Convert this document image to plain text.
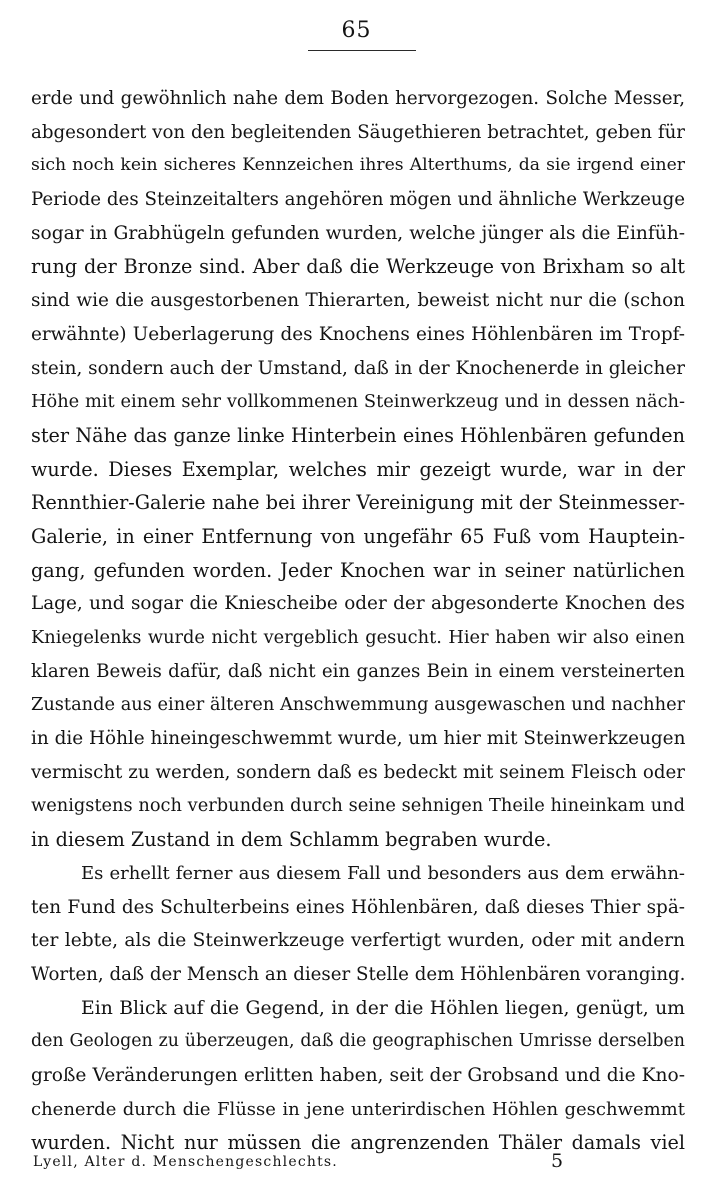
65
erde und gewöhnlich nahe dem Boden hervorgezogen. Solche Messer,
abgesondert von den begleitenden Säugethieren betrachtet, geben für
sich noch kein sicheres Kennzeichen ihres Alterthums, da sie irgend einer
Periode des Steinzeitalters angehören mögen und ähnliche Werkzeuge
sogar in Grabhügeln gefunden wurden, welche jünger als die Einfüh-
rung der Bronze sind. Aber daß die Werkzeuge von Brixham so alt
sind wie die ausgestorbenen Thierarten, beweist nicht nur die (schon
erwähnte) Ueberlagerung des Knochens eines Höhlenbären im Tropf-
stein, sondern auch der Umstand, daß in der Knochenerde in gleicher
Höhe mit einem sehr vollkommenen Steinwerkzeug und in dessen näch-
ster Nähe das ganze linke Hinterbein eines Höhlenbären gefunden
wurde. Dieses Exemplar, welches mir gezeigt wurde, war in der
Rennthier-Galerie nahe bei ihrer Vereinigung mit der Steinmesser-
Galerie, in einer Entfernung von ungefähr 65 Fuß vom Hauptein-
gang, gefunden worden. Jeder Knochen war in seiner natürlichen
Lage, und sogar die Kniescheibe oder der abgesonderte Knochen des
Kniegelenks wurde nicht vergeblich gesucht. Hier haben wir also einen
klaren Beweis dafür, daß nicht ein ganzes Bein in einem versteinerten
Zustande aus einer älteren Anschwemmung ausgewaschen und nachher
in die Höhle hineingeschwemmt wurde, um hier mit Steinwerkzeugen
vermischt zu werden, sondern daß es bedeckt mit seinem Fleisch oder
wenigstens noch verbunden durch seine sehnigen Theile hineinkam und
in diesem Zustand in dem Schlamm begraben wurde.
Es erhellt ferner aus diesem Fall und besonders aus dem erwähn-
ten Fund des Schulterbeins eines Höhlenbären, daß dieses Thier spä-
ter lebte, als die Steinwerkzeuge verfertigt wurden, oder mit andern
Worten, daß der Mensch an dieser Stelle dem Höhlenbären voranging.
Ein Blick auf die Gegend, in der die Höhlen liegen, genügt, um
den Geologen zu überzeugen, daß die geographischen Umrisse derselben
große Veränderungen erlitten haben, seit der Grobsand und die Kno-
chenerde durch die Flüsse in jene unterirdischen Höhlen geschwemmt
wurden. Nicht nur müssen die angrenzenden Thäler damals viel
Lyell, Alter d. Menschengeschlechts.	5
